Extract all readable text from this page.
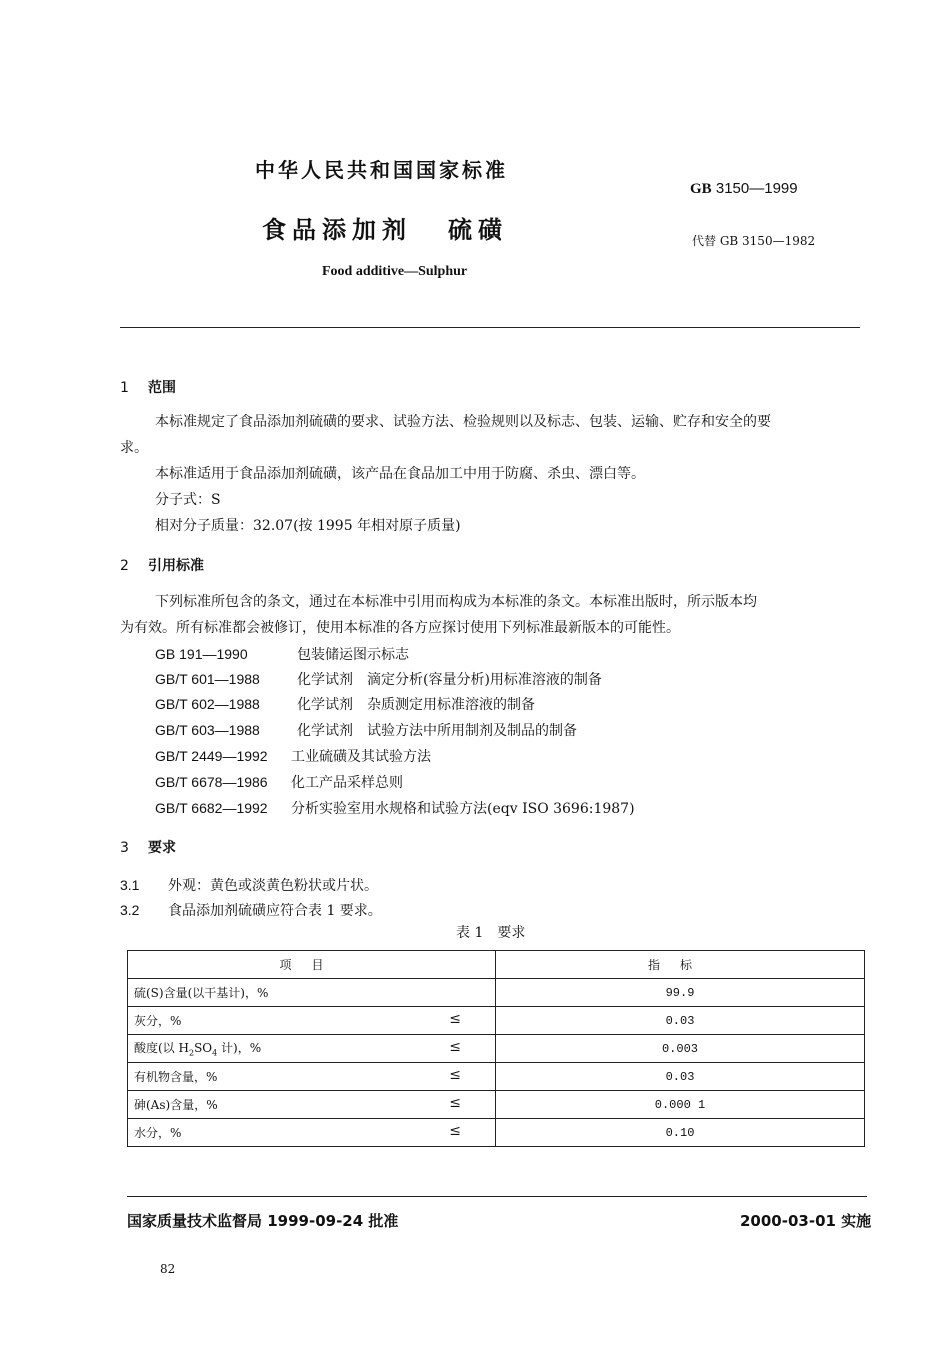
中华人民共和国国家标准
食品添加剂 硫磺
Food additive—Sulphur
GB 3150—1999
代替 GB 3150—1982
1 范围
本标准规定了食品添加剂硫磺的要求、试验方法、检验规则以及标志、包装、运输、贮存和安全的要
求。
本标准适用于食品添加剂硫磺，该产品在食品加工中用于防腐、杀虫、漂白等。
分子式：S
相对分子质量：32.07(按 1995 年相对原子质量)
2 引用标准
下列标准所包含的条文，通过在本标准中引用而构成为本标准的条文。本标准出版时，所示版本均
为有效。所有标准都会被修订，使用本标准的各方应探讨使用下列标准最新版本的可能性。
GB 191—1990	包装储运图示标志
GB/T 601—1988	化学试剂　滴定分析(容量分析)用标准溶液的制备
GB/T 602—1988	化学试剂　杂质测定用标准溶液的制备
GB/T 603—1988	化学试剂　试验方法中所用制剂及制品的制备
GB/T 2449—1992 工业硫磺及其试验方法
GB/T 6678—1986 化工产品采样总则
GB/T 6682—1992 分析实验室用水规格和试验方法(eqv ISO 3696:1987)
3 要求
3.1 外观：黄色或淡黄色粉状或片状。
3.2 食品添加剂硫磺应符合表 1 要求。
表 1　要求
项目	指标
硫(S)含量(以干基计)，%	99.9
灰分，% ≤	0.03
酸度(以 $H_2SO_4$ 计)，% ≤	0.003
有机物含量，% ≤	0.03
砷(As)含量，% ≤	0.000 1
水分，% ≤	0.10
国家质量技术监督局 1999-09-24 批准	2000-03-01 实施
82
